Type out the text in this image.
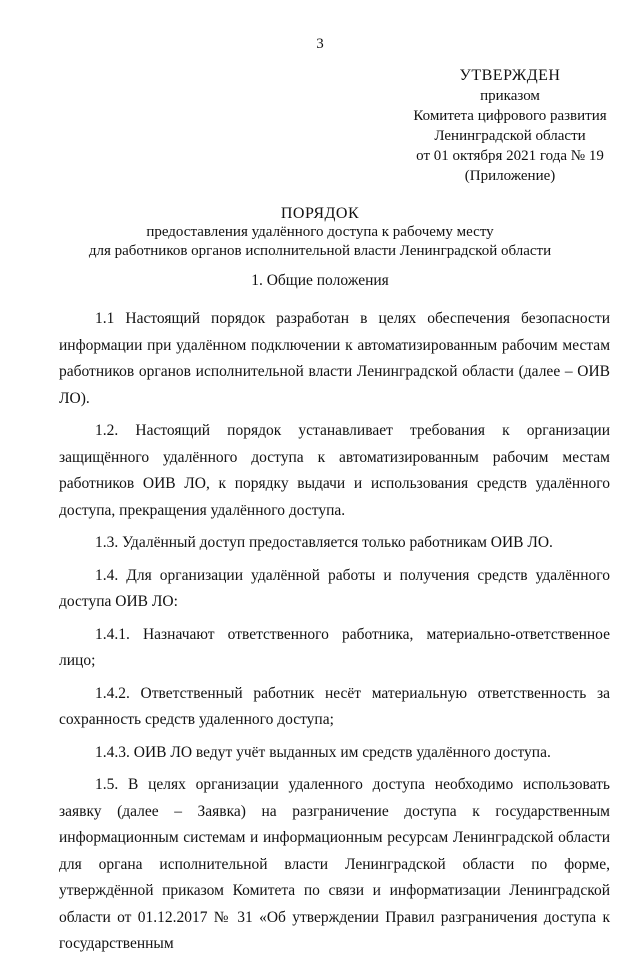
3
УТВЕРЖДЕН
приказом
Комитета цифрового развития
Ленинградской области
от 01 октября 2021 года № 19
(Приложение)
ПОРЯДОК
предоставления удалённого доступа к рабочему месту
для работников органов исполнительной власти Ленинградской области
1. Общие положения

1.1 Настоящий порядок разработан в целях обеспечения безопасности информации при удалённом подключении к автоматизированным рабочим местам работников органов исполнительной власти Ленинградской области (далее – ОИВ ЛО).

1.2. Настоящий порядок устанавливает требования к организации защищённого удалённого доступа к автоматизированным рабочим местам работников ОИВ ЛО, к порядку выдачи и использования средств удалённого доступа, прекращения удалённого доступа.

1.3. Удалённый доступ предоставляется только работникам ОИВ ЛО.

1.4. Для организации удалённой работы и получения средств удалённого доступа ОИВ ЛО:

1.4.1. Назначают ответственного работника, материально-ответственное лицо;

1.4.2. Ответственный работник несёт материальную ответственность за сохранность средств удаленного доступа;

1.4.3. ОИВ ЛО ведут учёт выданных им средств удалённого доступа.

1.5. В целях организации удаленного доступа необходимо использовать заявку (далее – Заявка) на разграничение доступа к государственным информационным системам и информационным ресурсам Ленинградской области для органа исполнительной власти Ленинградской области по форме, утверждённой приказом Комитета по связи и информатизации Ленинградской области от 01.12.2017 № 31 «Об утверждении Правил разграничения доступа к государственным
